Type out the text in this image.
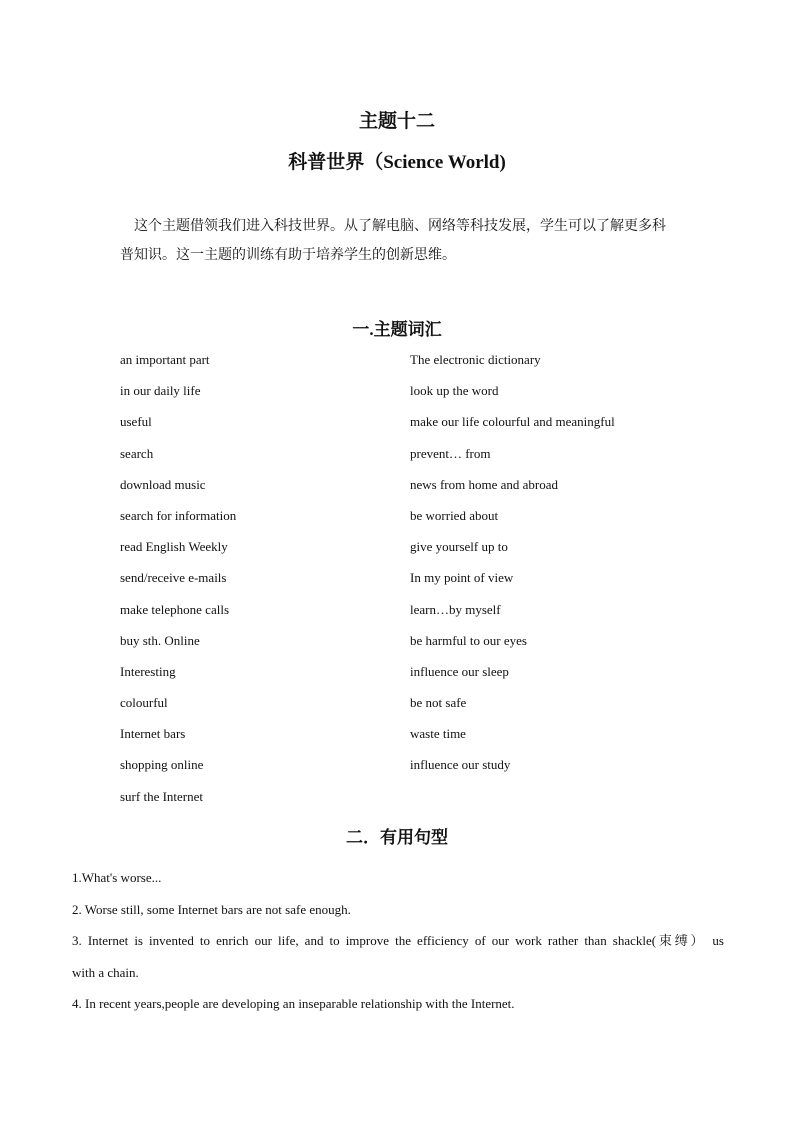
主题十二
科普世界（Science World)

这个主题借领我们进入科技世界。从了解电脑、网络等科技发展，学生可以了解更多科

普知识。这一主题的训练有助于培养学生的创新思维。

一.主题词汇
an important part	The electronic dictionary
in our daily life	look up the word
useful	make our life colourful and meaningful
search	prevent… from
download music	news from home and abroad
search for information	be worried about
read English Weekly	give yourself up to
send/receive e-mails	In my point of view
make telephone calls	learn…by myself
buy sth. Online	be harmful to our eyes
Interesting	influence our sleep
colourful	be not safe
Internet bars	waste time
shopping online	influence our study
surf the Internet
二．有用句型

1.What's worse...

2. Worse still, some Internet bars are not safe enough.

3. Internet is invented to enrich our life, and to improve the efficiency of our work rather than shackle(束缚） us

with a chain.

4. In recent years,people are developing an inseparable relationship with the Internet.
